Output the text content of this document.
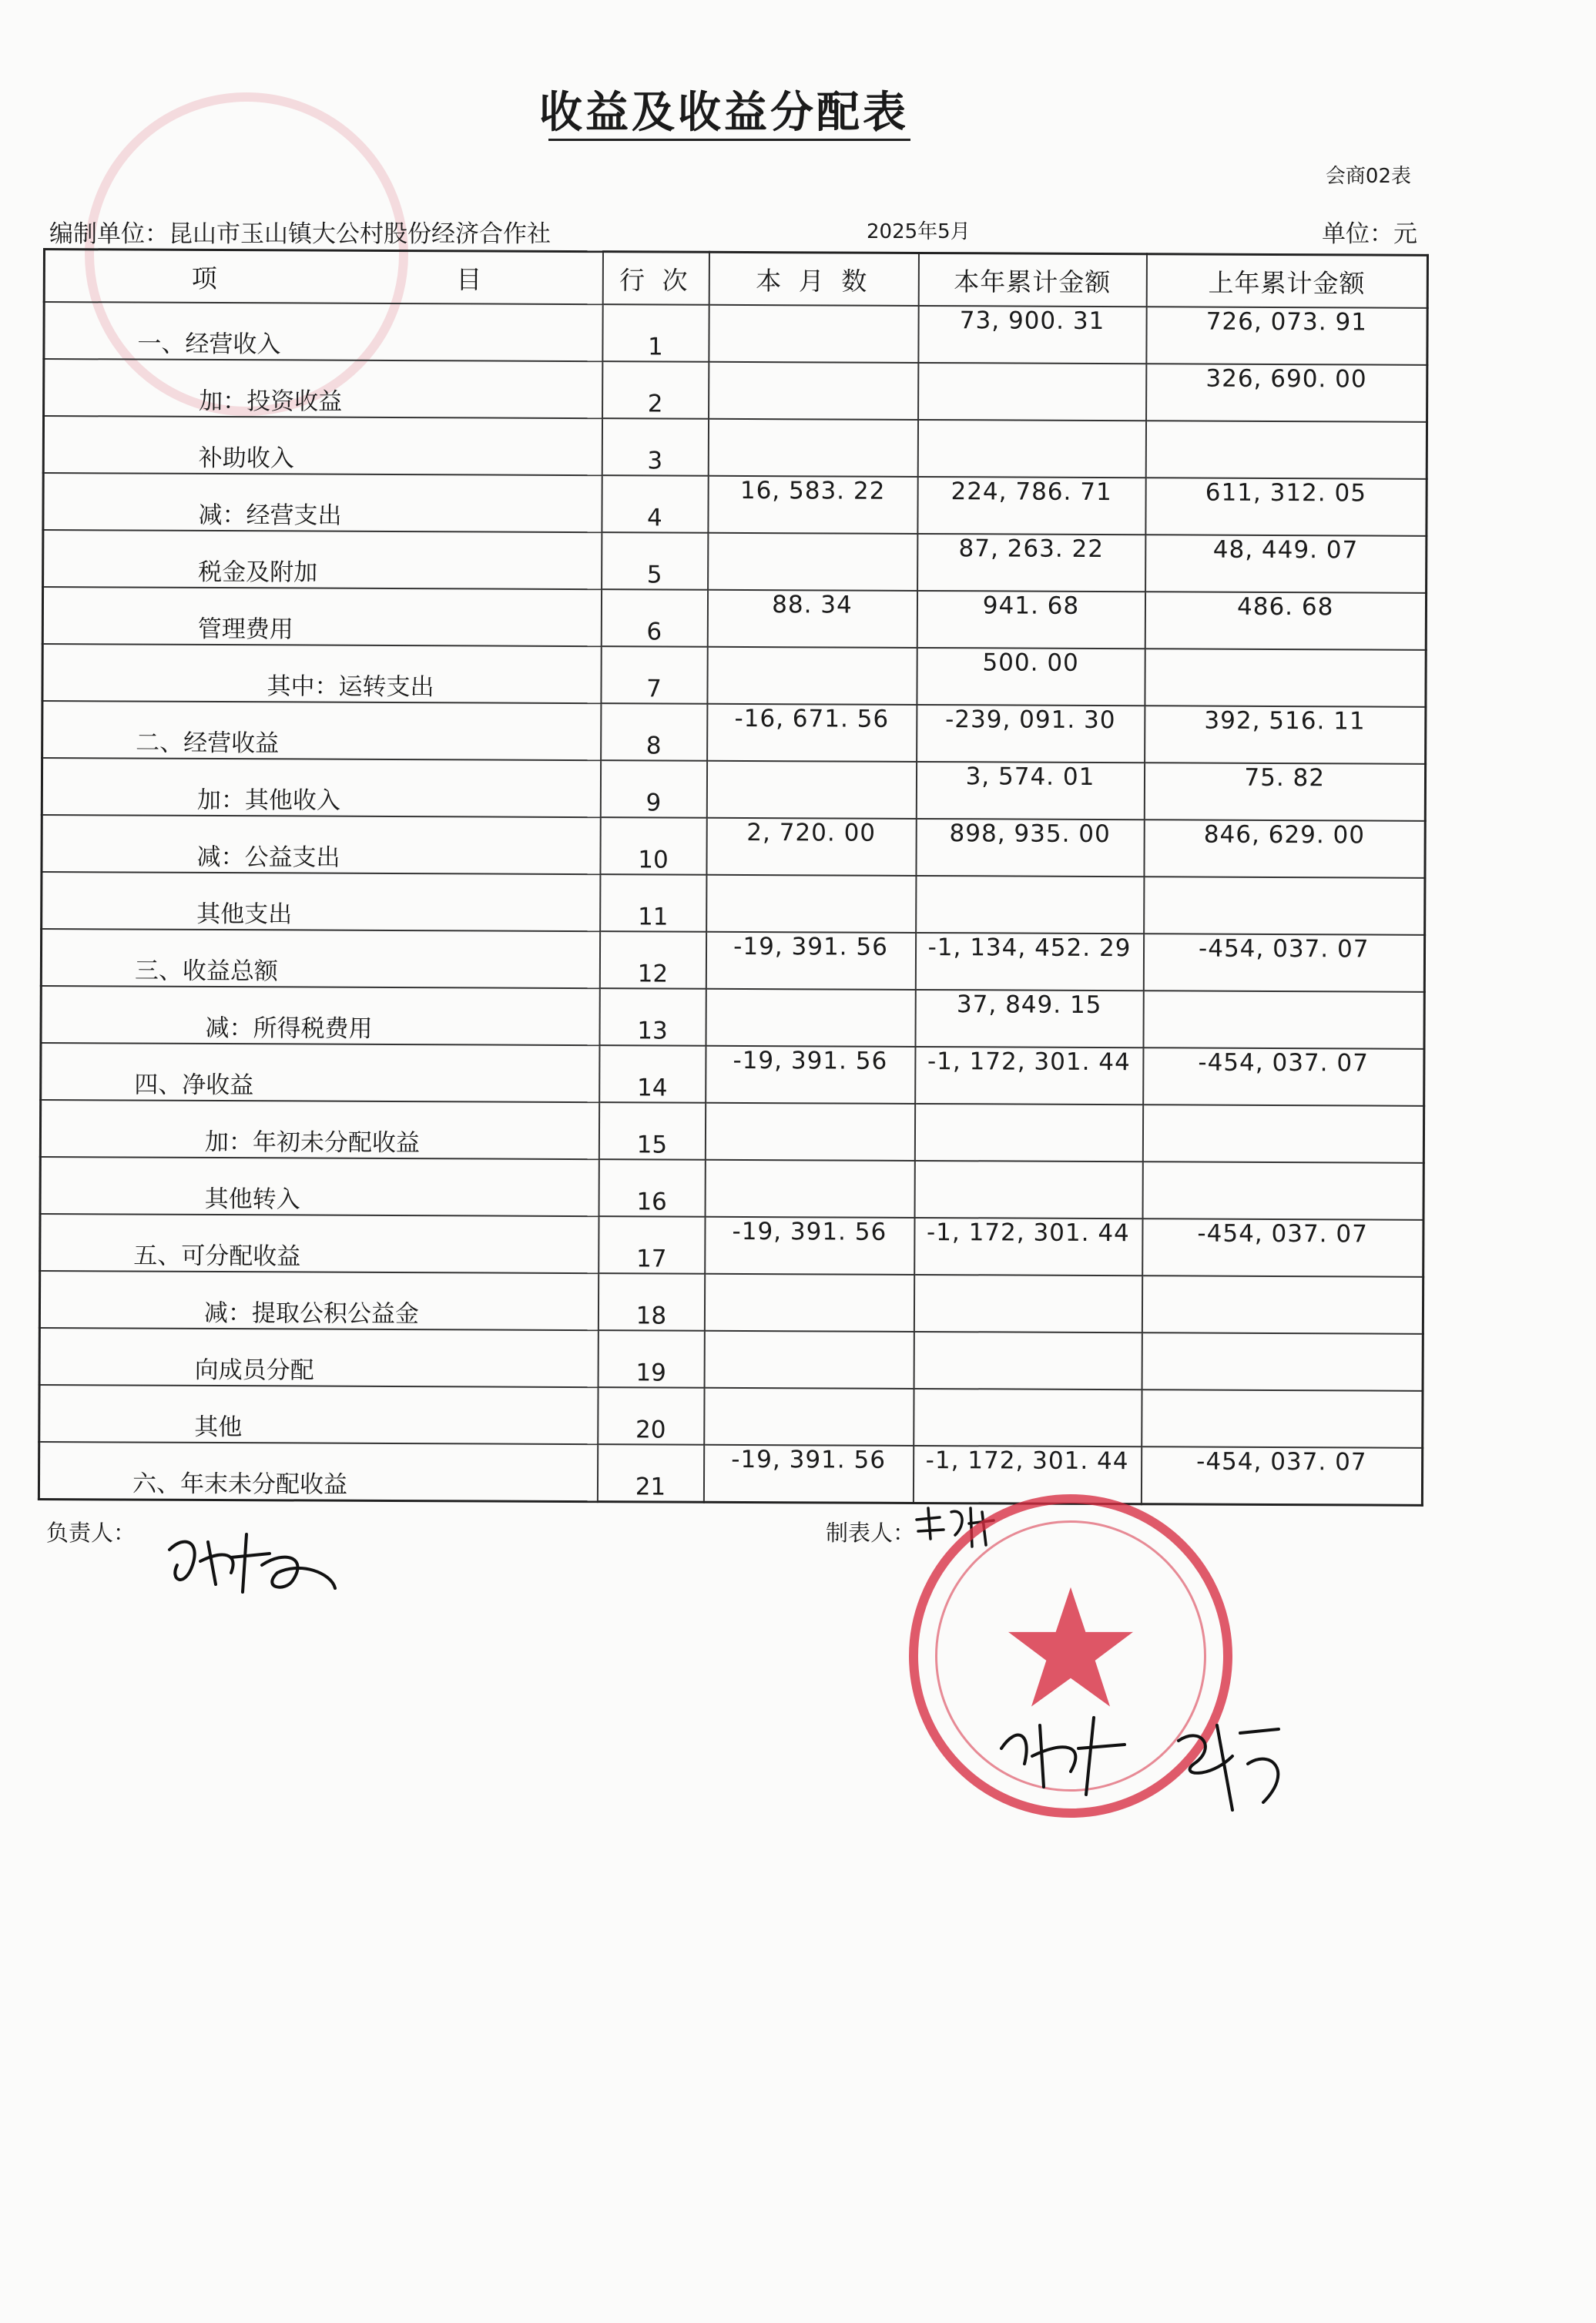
收益及收益分配表
会商02表
编制单位：昆山市玉山镇大公村股份经济合作社	2025年5月	单位：元
项 目	行 次	本 月 数	本年累计金额	上年累计金额
一、经营收入	1		73, 900. 31	726, 073. 91
加：投资收益	2			326, 690. 00
补助收入	3			
减：经营支出	4	16, 583. 22	224, 786. 71	611, 312. 05
税金及附加	5		87, 263. 22	48, 449. 07
管理费用	6	88. 34	941. 68	486. 68
其中：运转支出	7		500. 00	
二、经营收益	8	-16, 671. 56	-239, 091. 30	392, 516. 11
加：其他收入	9		3, 574. 01	75. 82
减：公益支出	10	2, 720. 00	898, 935. 00	846, 629. 00
其他支出	11			
三、收益总额	12	-19, 391. 56	-1, 134, 452. 29	-454, 037. 07
减：所得税费用	13		37, 849. 15	
四、净收益	14	-19, 391. 56	-1, 172, 301. 44	-454, 037. 07
加：年初未分配收益	15			
其他转入	16			
五、可分配收益	17	-19, 391. 56	-1, 172, 301. 44	-454, 037. 07
减：提取公积公益金	18			
向成员分配	19			
其他	20			
六、年末未分配收益	21	-19, 391. 56	-1, 172, 301. 44	-454, 037. 07
负责人：	制表人：
